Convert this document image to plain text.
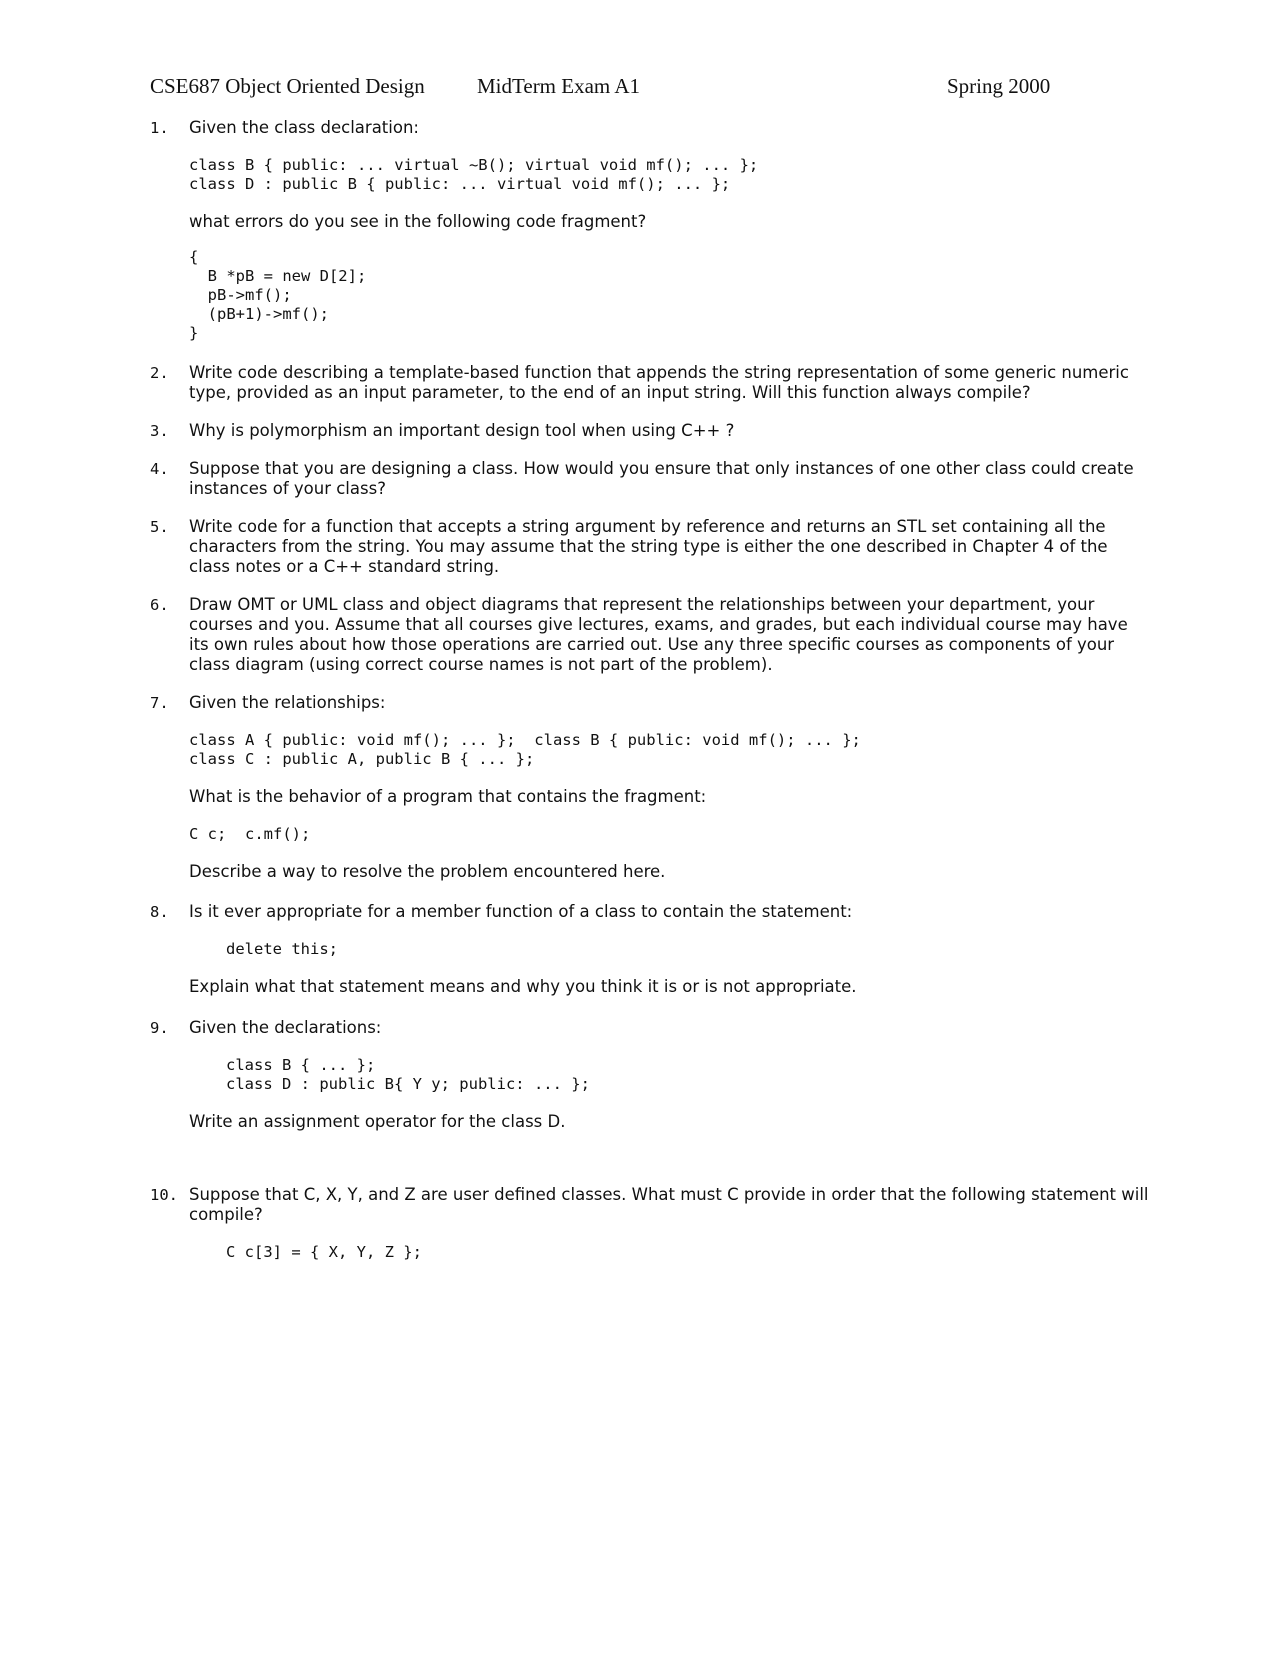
CSE687 Object Oriented Design MidTerm Exam A1	Spring 2000
1. Given the class declaration:

class B { public: ... virtual ~B(); virtual void mf(); ... };
class D : public B { public: ... virtual void mf(); ... };

what errors do you see in the following code fragment?

{
B *pB = new D[2];
pB->mf();
(pB+1)->mf();
}
2. Write code describing a template-based function that appends the string representation of some generic numeric type, provided as an input parameter, to the end of an input string. Will this function always compile?

3. Why is polymorphism an important design tool when using C++ ?

4. Suppose that you are designing a class. How would you ensure that only instances of one other class could create instances of your class?

5. Write code for a function that accepts a string argument by reference and returns an STL set containing all the characters from the string. You may assume that the string type is either the one described in Chapter 4 of the class notes or a C++ standard string.

6. Draw OMT or UML class and object diagrams that represent the relationships between your department, your courses and you. Assume that all courses give lectures, exams, and grades, but each individual course may have its own rules about how those operations are carried out. Use any three specific courses as components of your class diagram (using correct course names is not part of the problem).

7. Given the relationships:

class A { public: void mf(); ... };  class B { public: void mf(); ... };
class C : public A, public B { ... };

What is the behavior of a program that contains the fragment:

C c;  c.mf();

Describe a way to resolve the problem encountered here.

8. Is it ever appropriate for a member function of a class to contain the statement:

delete this;

Explain what that statement means and why you think it is or is not appropriate.

9. Given the declarations:

class B { ... };
class D : public B{ Y y; public: ... };

Write an assignment operator for the class D.

10. Suppose that C, X, Y, and Z are user defined classes. What must C provide in order that the following statement will compile?

C c[3] = { X, Y, Z };
